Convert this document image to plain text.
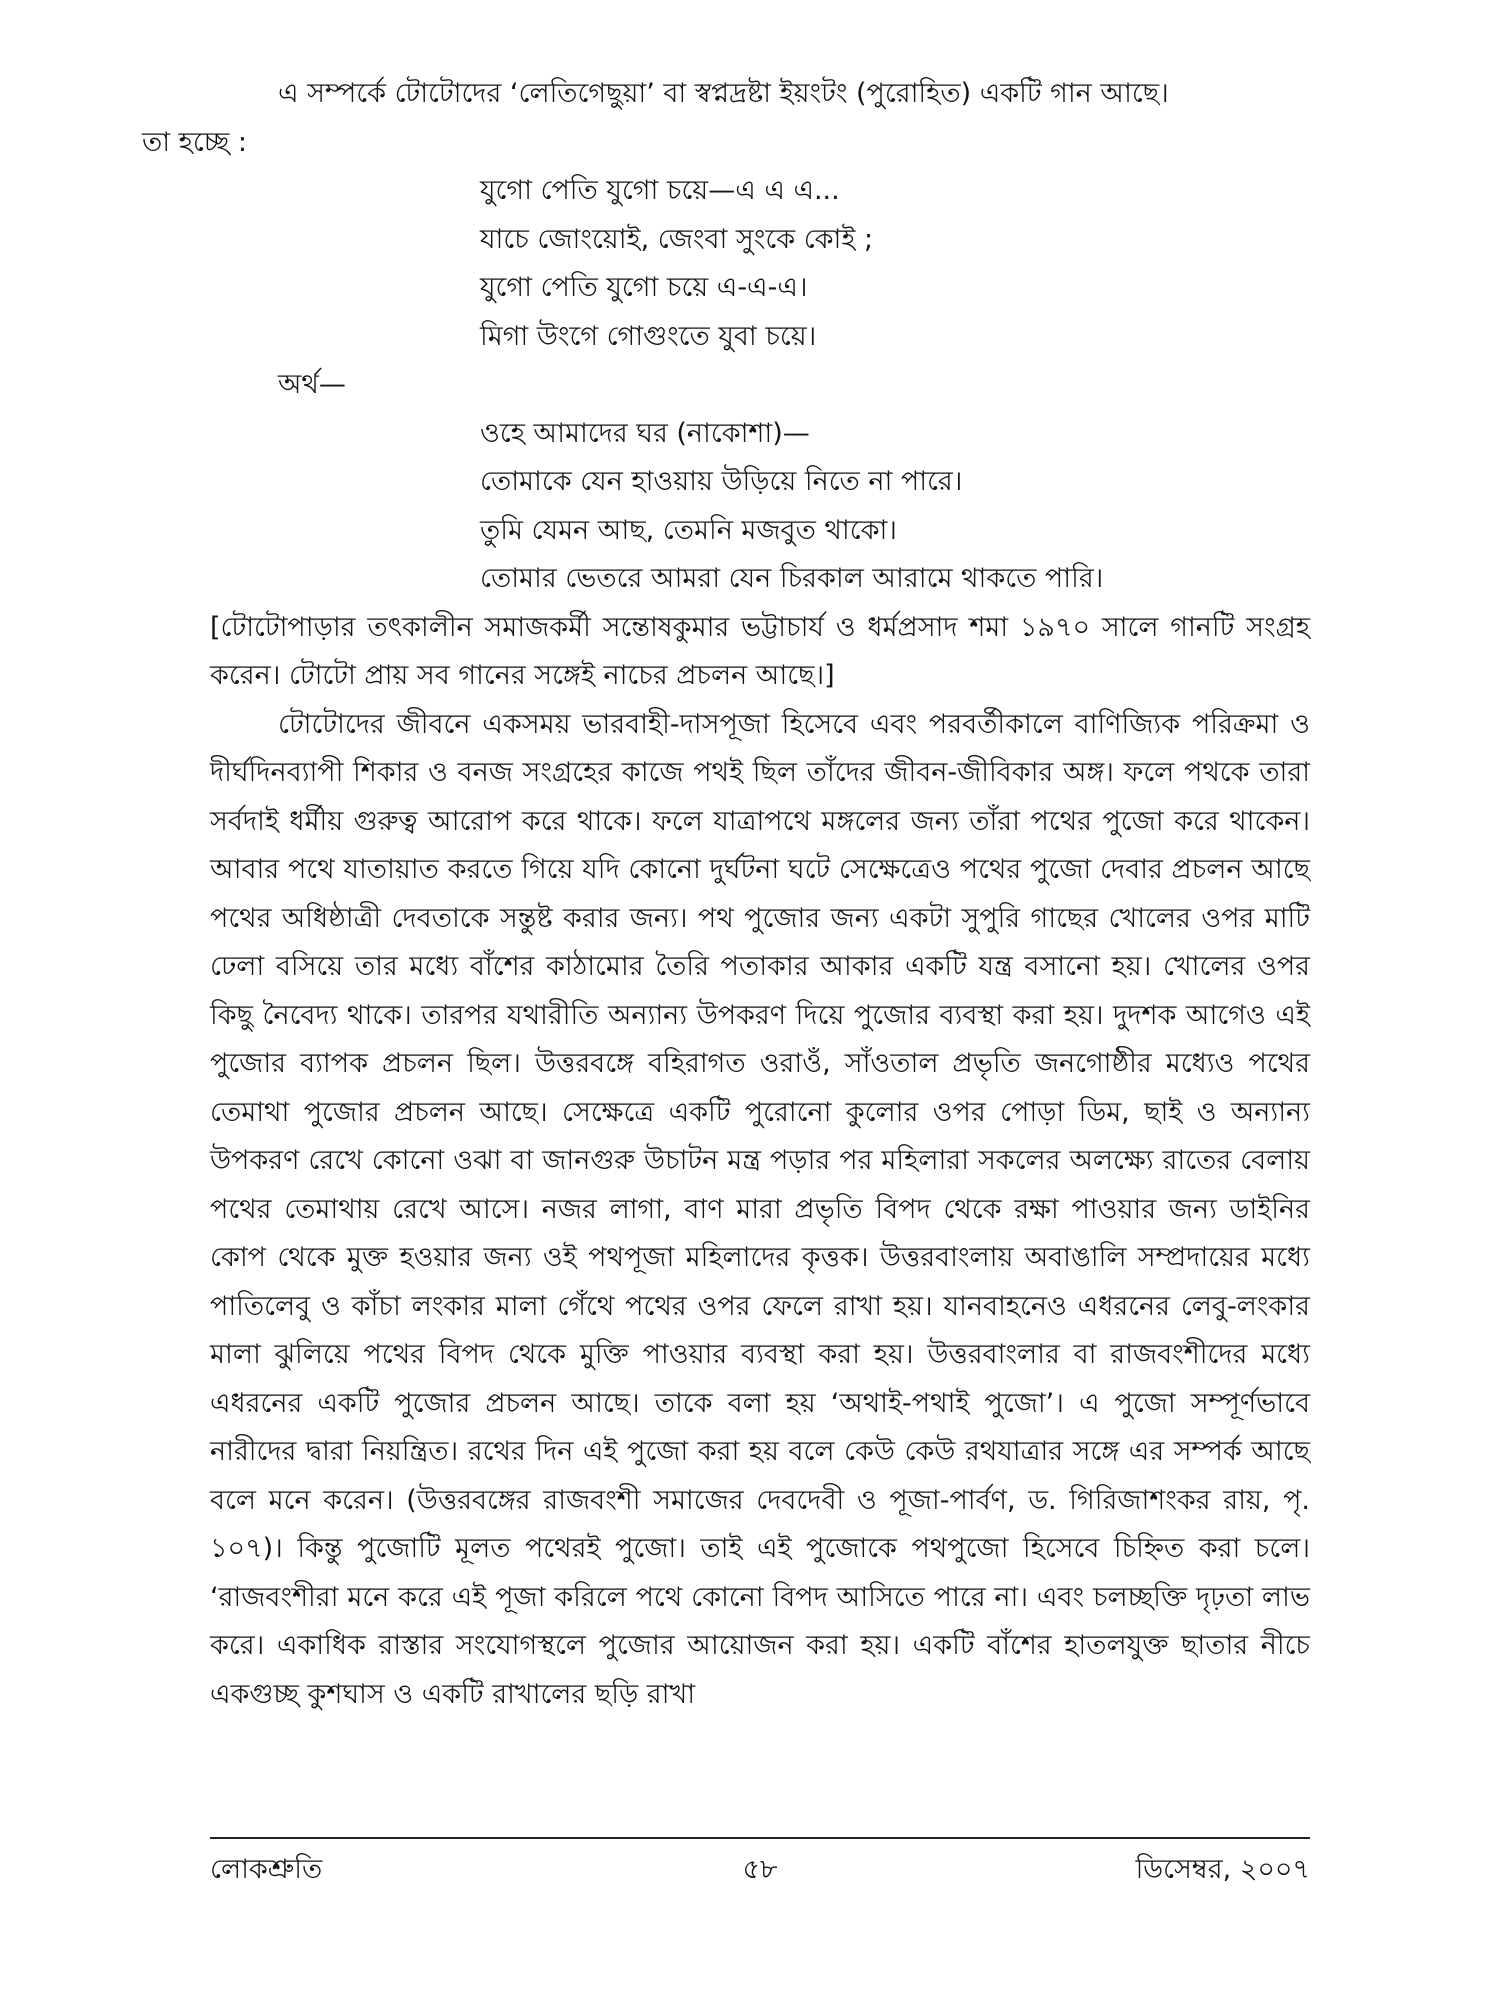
এ সম্পর্কে টোটোদের ‘লেতিগেছুয়া’ বা স্বপ্নদ্রষ্টা ইয়ংটং (পুরোহিত) একটি গান আছে।
তা হচ্ছে :

যুগো পেতি যুগো চয়ে—এ এ এ...
যাচে জোংয়োই, জেংবা সুংকে কোই ;
যুগো পেতি যুগো চয়ে এ-এ-এ।
মিগা উংগে গোগুংতে যুবা চয়ে।
অর্থ—
ওহে আমাদের ঘর (নাকোশা)—
তোমাকে যেন হাওয়ায় উড়িয়ে নিতে না পারে।
তুমি যেমন আছ, তেমনি মজবুত থাকো।
তোমার ভেতরে আমরা যেন চিরকাল আরামে থাকতে পারি।

[টোটোপাড়ার তৎকালীন সমাজকর্মী সন্তোষকুমার ভট্টাচার্য ও ধর্মপ্রসাদ শমা ১৯৭০ সালে গানটি সংগ্রহ করেন। টোটো প্রায় সব গানের সঙ্গেই নাচের প্রচলন আছে।]

টোটোদের জীবনে একসময় ভারবাহী-দাসপূজা হিসেবে এবং পরবর্তীকালে বাণিজ্যিক পরিক্রমা ও দীর্ঘদিনব্যাপী শিকার ও বনজ সংগ্রহের কাজে পথই ছিল তাঁদের জীবন-জীবিকার অঙ্গ। ফলে পথকে তারা সর্বদাই ধর্মীয় গুরুত্ব আরোপ করে থাকে। ফলে যাত্রাপথে মঙ্গলের জন্য তাঁরা পথের পুজো করে থাকেন। আবার পথে যাতায়াত করতে গিয়ে যদি কোনো দুর্ঘটনা ঘটে সেক্ষেত্রেও পথের পুজো দেবার প্রচলন আছে পথের অধিষ্ঠাত্রী দেবতাকে সন্তুষ্ট করার জন্য। পথ পুজোর জন্য একটা সুপুরি গাছের খোলের ওপর মাটি ঢেলা বসিয়ে তার মধ্যে বাঁশের কাঠামোর তৈরি পতাকার আকার একটি যন্ত্র বসানো হয়। খোলের ওপর কিছু নৈবেদ্য থাকে। তারপর যথারীতি অন্যান্য উপকরণ দিয়ে পুজোর ব্যবস্থা করা হয়। দুদশক আগেও এই পুজোর ব্যাপক প্রচলন ছিল। উত্তরবঙ্গে বহিরাগত ওরাওঁ, সাঁওতাল প্রভৃতি জনগোষ্ঠীর মধ্যেও পথের তেমাথা পুজোর প্রচলন আছে। সেক্ষেত্রে একটি পুরোনো কুলোর ওপর পোড়া ডিম, ছাই ও অন্যান্য উপকরণ রেখে কোনো ওঝা বা জানগুরু উচাটন মন্ত্র পড়ার পর মহিলারা সকলের অলক্ষ্যে রাতের বেলায় পথের তেমাথায় রেখে আসে। নজর লাগা, বাণ মারা প্রভৃতি বিপদ থেকে রক্ষা পাওয়ার জন্য ডাইনির কোপ থেকে মুক্ত হওয়ার জন্য ওই পথপূজা মহিলাদের কৃত্তক। উত্তরবাংলায় অবাঙালি সম্প্রদায়ের মধ্যে পাতিলেবু ও কাঁচা লংকার মালা গেঁথে পথের ওপর ফেলে রাখা হয়। যানবাহনেও এধরনের লেবু-লংকার মালা ঝুলিয়ে পথের বিপদ থেকে মুক্তি পাওয়ার ব্যবস্থা করা হয়। উত্তরবাংলার বা রাজবংশীদের মধ্যে এধরনের একটি পুজোর প্রচলন আছে। তাকে বলা হয় ‘অথাই-পথাই পুজো’। এ পুজো সম্পূর্ণভাবে নারীদের দ্বারা নিয়ন্ত্রিত। রথের দিন এই পুজো করা হয় বলে কেউ কেউ রথযাত্রার সঙ্গে এর সম্পর্ক আছে বলে মনে করেন। (উত্তরবঙ্গের রাজবংশী সমাজের দেবদেবী ও পূজা-পার্বণ, ড. গিরিজাশংকর রায়, পৃ. ১০৭)। কিন্তু পুজোটি মূলত পথেরই পুজো। তাই এই পুজোকে পথপুজো হিসেবে চিহ্নিত করা চলে। ‘রাজবংশীরা মনে করে এই পূজা করিলে পথে কোনো বিপদ আসিতে পারে না। এবং চলচ্ছক্তি দৃঢ়তা লাভ করে। একাধিক রাস্তার সংযোগস্থলে পুজোর আয়োজন করা হয়। একটি বাঁশের হাতলযুক্ত ছাতার নীচে একগুচ্ছ কুশঘাস ও একটি রাখালের ছড়ি রাখা

লোকশ্রুতি	৫৮	ডিসেম্বর, ২০০৭
